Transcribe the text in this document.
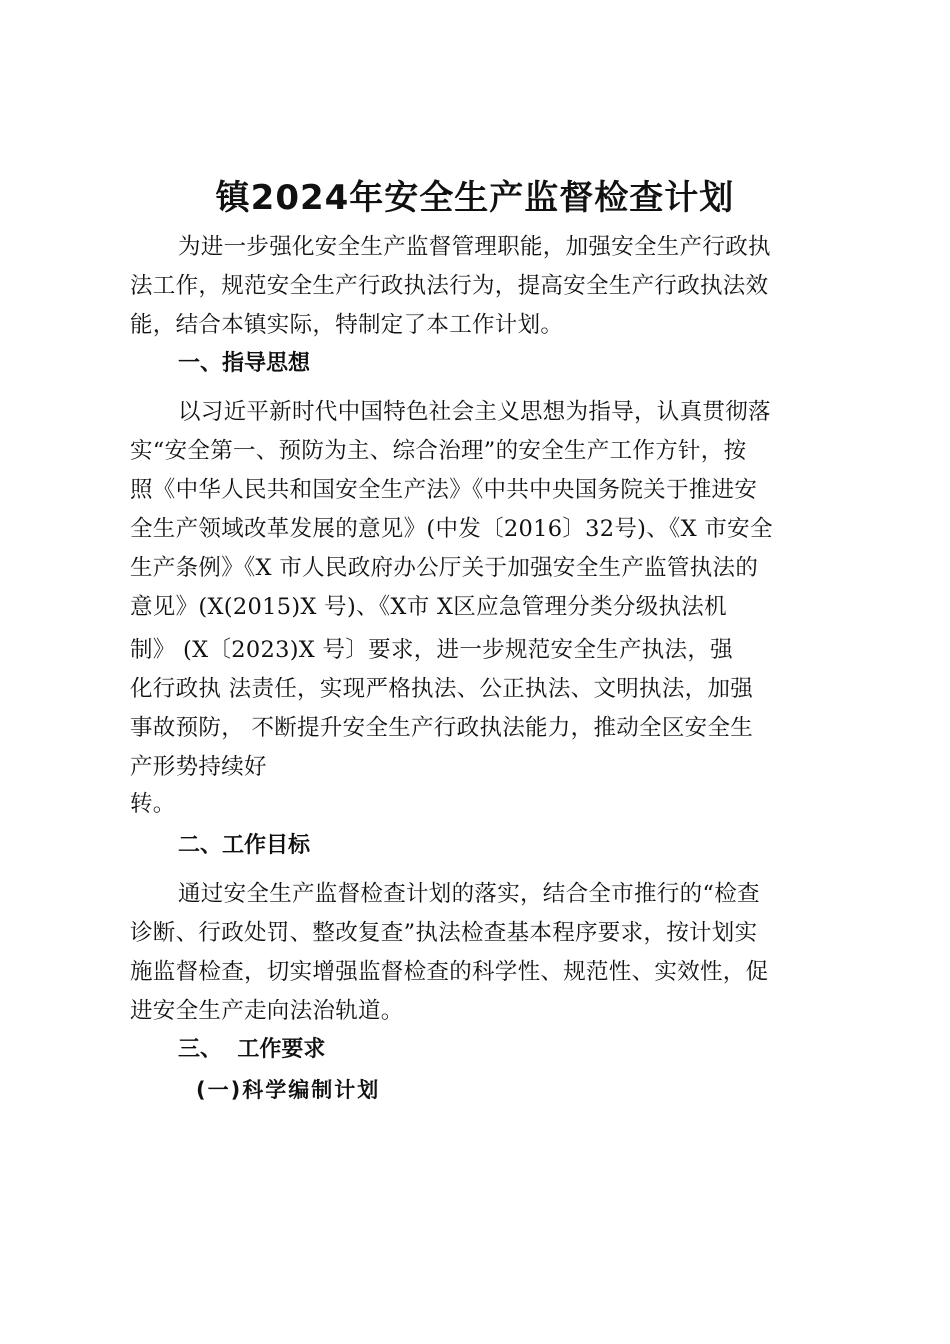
镇2024年安全生产监督检查计划
为进一步强化安全生产监督管理职能，加强安全生产行政执
法工作，规范安全生产行政执法行为，提高安全生产行政执法效
能，结合本镇实际，特制定了本工作计划。
一、指导思想
以习近平新时代中国特色社会主义思想为指导，认真贯彻落
实“安全第一、预防为主、综合治理”的安全生产工作方针，按
照《中华人民共和国安全生产法》《中共中央国务院关于推进安
全生产领域改革发展的意见》(中发〔2016〕32号)、《X 市安全
生产条例》《X 市人民政府办公厅关于加强安全生产监管执法的
意见》(X(2015)X 号)、《X市 X区应急管理分类分级执法机
制》 (X〔2023)X 号〕要求，进一步规范安全生产执法，强
化行政执 法责任，实现严格执法、公正执法、文明执法，加强
事故预防， 不断提升安全生产行政执法能力，推动全区安全生
产形势持续好
转。
二、工作目标
通过安全生产监督检查计划的落实，结合全市推行的“检查
诊断、行政处罚、整改复查”执法检查基本程序要求，按计划实
施监督检查，切实增强监督检查的科学性、规范性、实效性，促
进安全生产走向法治轨道。
三、  工作要求
(一)科学编制计划
